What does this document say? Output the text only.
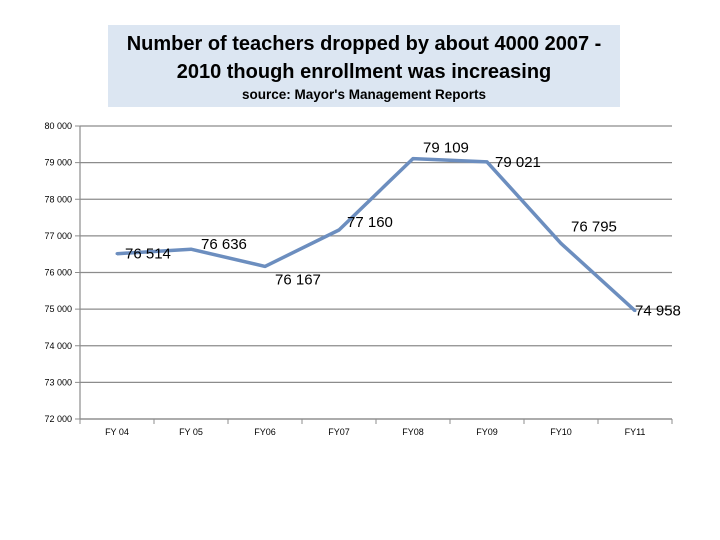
Number of teachers dropped by about 4000 2007 - 2010 though enrollment was increasing
source: Mayor's Management Reports
72 000
73 000
74 000
75 000
76 000
77 000
78 000
79 000
80 000
FY 04	FY 05	FY06	FY07	FY08	FY09	FY10	FY11
76 514
76 636
76 167
77 160
79 109
79 021
76 795
74 958
